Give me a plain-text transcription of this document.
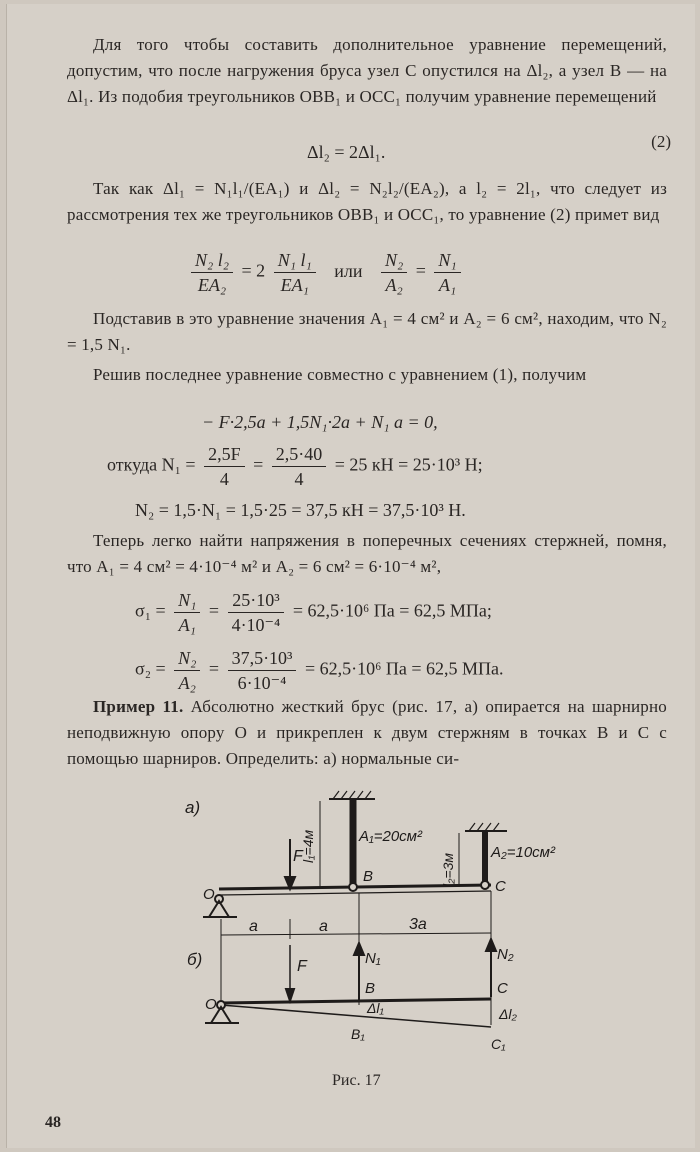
Для того чтобы составить дополнительное уравнение перемещений, допустим, что после нагружения бруса узел C опустился на Δl₂, а узел B — на Δl₁. Из подобия треугольников OBB₁ и OCC₁ получим уравнение перемещений
Δl₂ = 2Δl₁.
(2)
Так как Δl₁ = N₁l₁/(EA₁) и Δl₂ = N₂l₂/(EA₂), а l₂ = 2l₁, что следует из рассмотрения тех же треугольников OBB₁ и OCC₁, то уравнение (2) примет вид
$\frac{\text{N₂ l₂}}{\text{EA₂}} = 2 \frac{\text{N₁ l₁}}{\text{EA₁}}$ или $\frac{\text{N₂}}{\text{A₂}} = \frac{\text{N₁}}{\text{A₁}}$
Подставив в это уравнение значения A₁ = 4 см² и A₂ = 6 см², находим, что N₂ = 1,5 N₁.
Решив последнее уравнение совместно с уравнением (1), получим
− F·2,5a + 1,5N₁·2a + N₁ a = 0,
откуда $N_1 = \frac{2,5F}{4} = \frac{2,5\cdot 40}{4} = 25$ кН = 25·10³ Н;
N₂ = 1,5·N₁ = 1,5·25 = 37,5 кН = 37,5·10³ Н.
Теперь легко найти напряжения в поперечных сечениях стержней, помня, что A₁ = 4 см² = 4·10⁻⁴ м² и A₂ = 6 см² = 6·10⁻⁴ м²,
$\sigma_1 = \frac{\text{N₁}}{\text{A₁}} = \frac{\text{25·10³}}{\text{4·10⁻⁴}} = 62,5\cdot 10^6$ Па = 62,5 МПа;
$\sigma_2 = \frac{\text{N₂}}{\text{A₂}} = \frac{\text{37,5·10³}}{\text{6·10⁻⁴}} = 62,5\cdot 10^6$ Па = 62,5 МПа.
Пример 11. Абсолютно жесткий брус (рис. 17, а) опирается на шарнирно неподвижную опору O и прикреплен к двум стержням в точках B и C с помощью шарниров. Определить: а) нормальные си-
а)
б)
A₁=20см²
A₂=10см²
l₁=4м
l₂=3м
F
O
B
C
a	a	3a
F	N₁	N₂
O
B	C
Δl₁	Δl₂
B₁
C₁
Рис. 17
48
